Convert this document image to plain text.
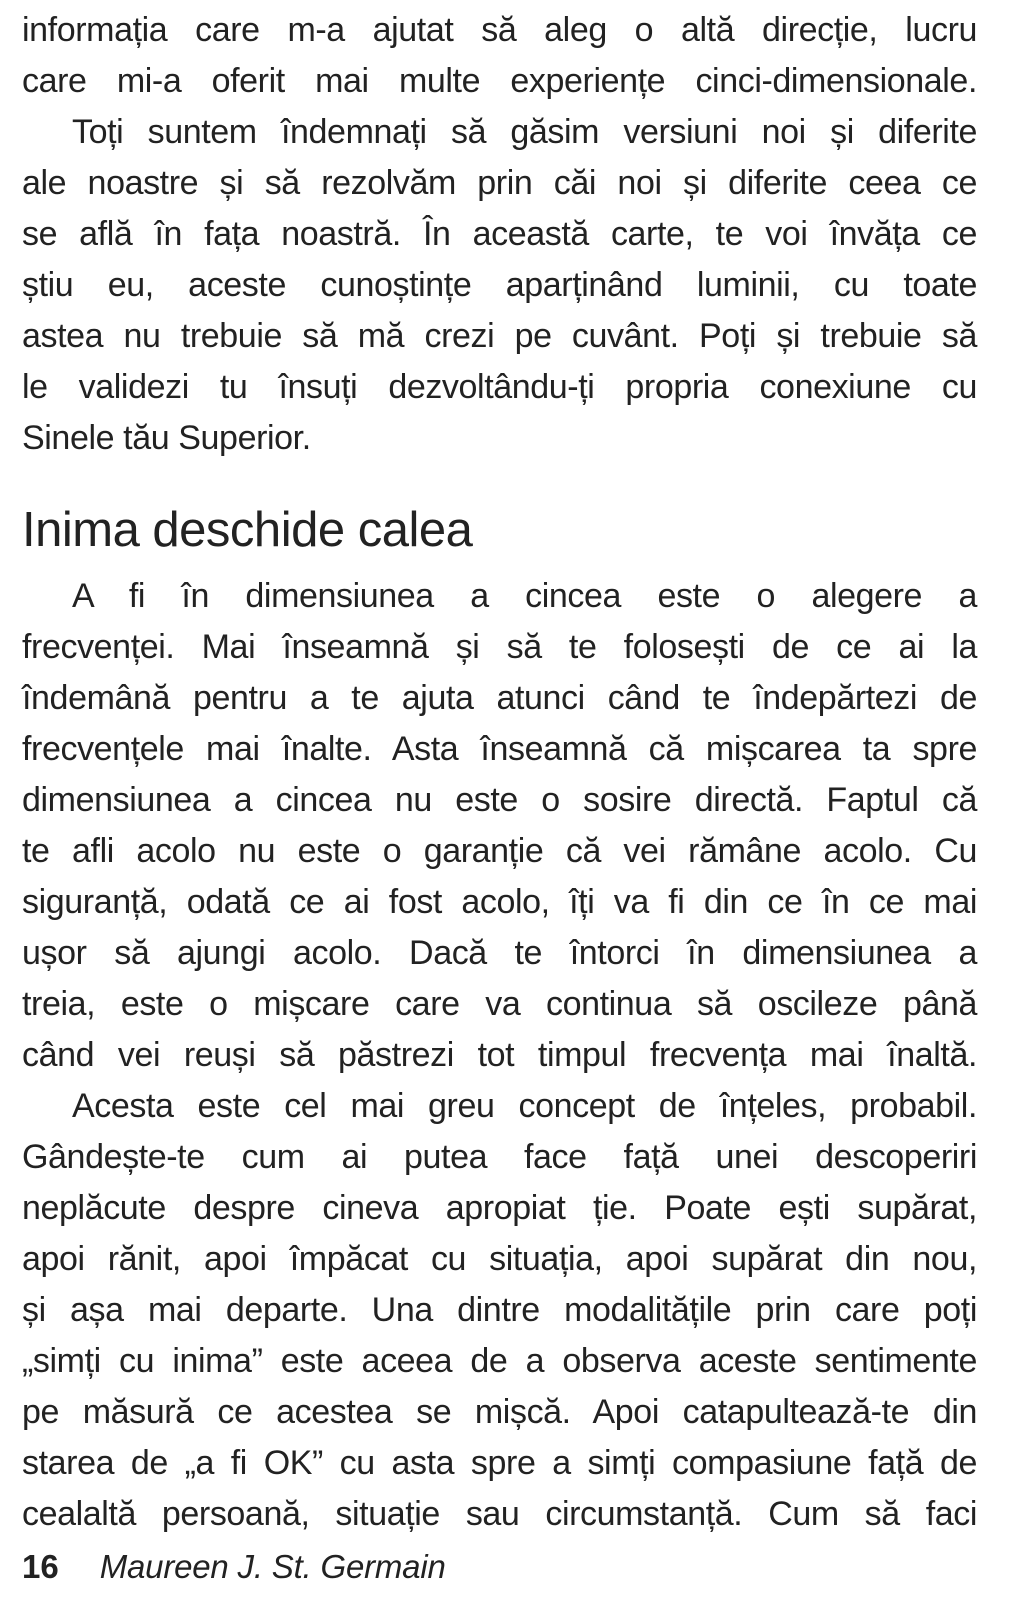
informația care m-a ajutat să aleg o altă direcție, lucru
care mi-a oferit mai multe experiențe cinci-dimensionale.
Toți suntem îndemnați să găsim versiuni noi și diferite
ale noastre și să rezolvăm prin căi noi și diferite ceea ce
se află în fața noastră. În această carte, te voi învăța ce
știu eu, aceste cunoștințe aparținând luminii, cu toate
astea nu trebuie să mă crezi pe cuvânt. Poți și trebuie să
le validezi tu însuți dezvoltându-ți propria conexiune cu
Sinele tău Superior.
Inima deschide calea
A fi în dimensiunea a cincea este o alegere a
frecvenței. Mai înseamnă și să te folosești de ce ai la
îndemână pentru a te ajuta atunci când te îndepărtezi de
frecvențele mai înalte. Asta înseamnă că mișcarea ta spre
dimensiunea a cincea nu este o sosire directă. Faptul că
te afli acolo nu este o garanție că vei rămâne acolo. Cu
siguranță, odată ce ai fost acolo, îți va fi din ce în ce mai
ușor să ajungi acolo. Dacă te întorci în dimensiunea a
treia, este o mișcare care va continua să oscileze până
când vei reuși să păstrezi tot timpul frecvența mai înaltă.
Acesta este cel mai greu concept de înțeles, probabil.
Gândește-te cum ai putea face față unei descoperiri
neplăcute despre cineva apropiat ție. Poate ești supărat,
apoi rănit, apoi împăcat cu situația, apoi supărat din nou,
și așa mai departe. Una dintre modalitățile prin care poți
„simți cu inima” este aceea de a observa aceste sentimente
pe măsură ce acestea se mișcă. Apoi catapultează-te din
starea de „a fi OK” cu asta spre a simți compasiune față de
cealaltă persoană, situație sau circumstanță. Cum să faci
16 Maureen J. St. Germain
